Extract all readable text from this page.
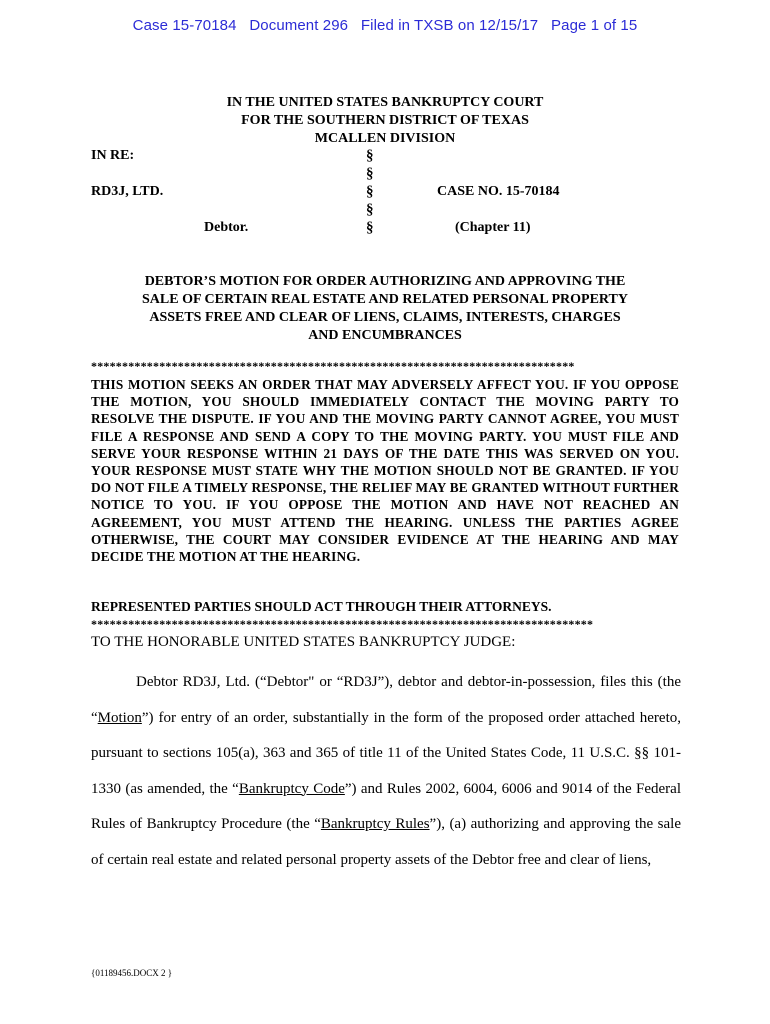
Case 15-70184   Document 296   Filed in TXSB on 12/15/17   Page 1 of 15
IN THE UNITED STATES BANKRUPTCY COURT
FOR THE SOUTHERN DISTRICT OF TEXAS
MCALLEN DIVISION
IN RE:
RD3J, LTD.
Debtor.
§
§
§
§
§
CASE NO. 15-70184
(Chapter 11)
DEBTOR’S MOTION FOR ORDER AUTHORIZING AND APPROVING THE
SALE OF CERTAIN REAL ESTATE AND RELATED PERSONAL PROPERTY
ASSETS FREE AND CLEAR OF LIENS, CLAIMS, INTERESTS, CHARGES
AND ENCUMBRANCES
******************************************************************************
THIS MOTION SEEKS AN ORDER THAT MAY ADVERSELY AFFECT YOU. IF YOU OPPOSE THE MOTION, YOU SHOULD IMMEDIATELY CONTACT THE MOVING PARTY TO RESOLVE THE DISPUTE. IF YOU AND THE MOVING PARTY CANNOT AGREE, YOU MUST FILE A RESPONSE AND SEND A COPY TO THE MOVING PARTY. YOU MUST FILE AND SERVE YOUR RESPONSE WITHIN 21 DAYS OF THE DATE THIS WAS SERVED ON YOU. YOUR RESPONSE MUST STATE WHY THE MOTION SHOULD NOT BE GRANTED. IF YOU DO NOT FILE A TIMELY RESPONSE, THE RELIEF MAY BE GRANTED WITHOUT FURTHER NOTICE TO YOU. IF YOU OPPOSE THE MOTION AND HAVE NOT REACHED AN AGREEMENT, YOU MUST ATTEND THE HEARING. UNLESS THE PARTIES AGREE OTHERWISE, THE COURT MAY CONSIDER EVIDENCE AT THE HEARING AND MAY DECIDE THE MOTION AT THE HEARING.
REPRESENTED PARTIES SHOULD ACT THROUGH THEIR ATTORNEYS.
*********************************************************************************
TO THE HONORABLE UNITED STATES BANKRUPTCY JUDGE:

Debtor RD3J, Ltd. (“Debtor" or “RD3J”), debtor and debtor-in-possession, files this (the “Motion”) for entry of an order, substantially in the form of the proposed order attached hereto, pursuant to sections 105(a), 363 and 365 of title 11 of the United States Code, 11 U.S.C. §§ 101-1330 (as amended, the “Bankruptcy Code”) and Rules 2002, 6004, 6006 and 9014 of the Federal Rules of Bankruptcy Procedure (the “Bankruptcy Rules”), (a) authorizing and approving the sale of certain real estate and related personal property assets of the Debtor free and clear of liens,

{01189456.DOCX 2 }
